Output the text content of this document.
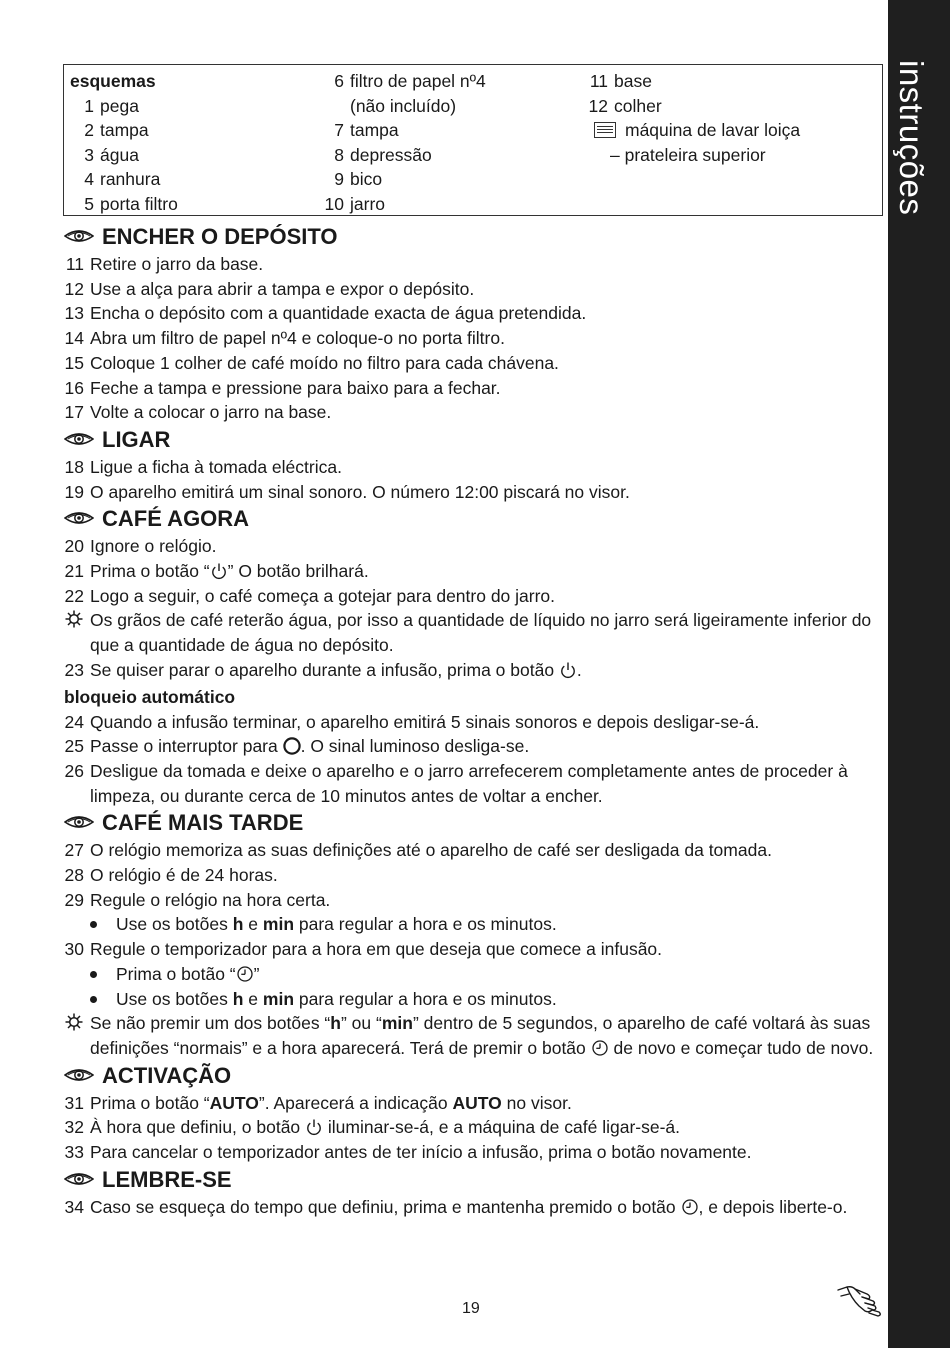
instruções
esquemas
1 pega
2 tampa
3 água
4 ranhura
5 porta filtro
6 filtro de papel nº4
(não incluído)
7 tampa
8 depressão
9 bico
10 jarro
11 base
12 colher
máquina de lavar loiça
– prateleira superior
ENCHER O DEPÓSITO
11 Retire o jarro da base.
12 Use a alça para abrir a tampa e expor o depósito.
13 Encha o depósito com a quantidade exacta de água pretendida.
14 Abra um filtro de papel nº4 e coloque-o no porta filtro.
15 Coloque 1 colher de café moído no filtro para cada chávena.
16 Feche a tampa e pressione para baixo para a fechar.
17 Volte a colocar o jarro na base.
LIGAR
18 Ligue a ficha à tomada eléctrica.
19 O aparelho emitirá um sinal sonoro. O número 12:00 piscará no visor.
CAFÉ AGORA
20 Ignore o relógio.
21 Prima o botão “ ” O botão brilhará.
22 Logo a seguir, o café começa a gotejar para dentro do jarro.
Os grãos de café reterão água, por isso a quantidade de líquido no jarro será ligeiramente inferior do que a quantidade de água no depósito.
23 Se quiser parar o aparelho durante a infusão, prima o botão .
bloqueio automático
24 Quando a infusão terminar, o aparelho emitirá 5 sinais sonoros e depois desligar-se-á.
25 Passe o interruptor para . O sinal luminoso desliga-se.
26 Desligue da tomada e deixe o aparelho e o jarro arrefecerem completamente antes de proceder à limpeza, ou durante cerca de 10 minutos antes de voltar a encher.
CAFÉ MAIS TARDE
27 O relógio memoriza as suas definições até o aparelho de café ser desligada da tomada.
28 O relógio é de 24 horas.
29 Regule o relógio na hora certa.
Use os botões h e min para regular a hora e os minutos.
30 Regule o temporizador para a hora em que deseja que comece a infusão.
Prima o botão “ ”
Use os botões h e min para regular a hora e os minutos.
Se não premir um dos botões “h” ou “min” dentro de 5 segundos, o aparelho de café voltará às suas definições “normais” e a hora aparecerá. Terá de premir o botão  de novo e começar tudo de novo.
ACTIVAÇÃO
31 Prima o botão “AUTO”. Aparecerá a indicação AUTO no visor.
32 À hora que definiu, o botão  iluminar-se-á, e a máquina de café ligar-se-á.
33 Para cancelar o temporizador antes de ter início a infusão, prima o botão novamente.
LEMBRE-SE
34 Caso se esqueça do tempo que definiu, prima e mantenha premido o botão , e depois liberte-o.
19
